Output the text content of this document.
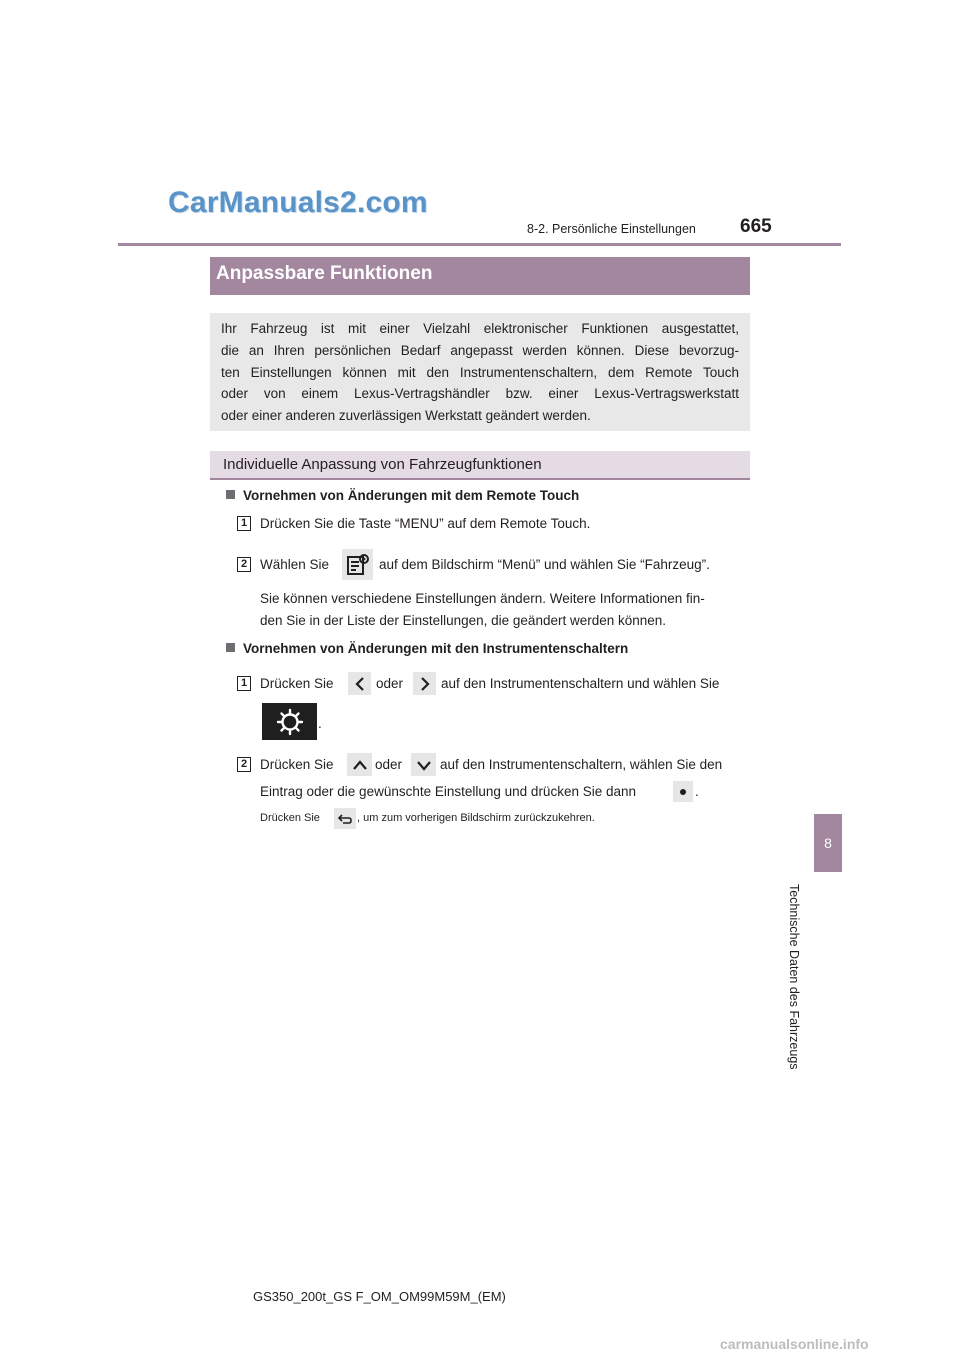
CarManuals2.com
8-2. Persönliche Einstellungen 665
8
Technische Daten des Fahrzeugs
Anpassbare Funktionen
Ihr Fahrzeug ist mit einer Vielzahl elektronischer Funktionen ausgestattet,
die an Ihren persönlichen Bedarf angepasst werden können. Diese bevorzug-
ten Einstellungen können mit den Instrumentenschaltern, dem Remote Touch
oder von einem Lexus-Vertragshändler bzw. einer Lexus-Vertragswerkstatt
oder einer anderen zuverlässigen Werkstatt geändert werden.
Individuelle Anpassung von Fahrzeugfunktionen
Vornehmen von Änderungen mit dem Remote Touch
1 Drücken Sie die Taste “MENU” auf dem Remote Touch.
2 Wählen Sie	auf dem Bildschirm “Menü” und wählen Sie “Fahrzeug”.
Sie können verschiedene Einstellungen ändern. Weitere Informationen fin-
den Sie in der Liste der Einstellungen, die geändert werden können.
Vornehmen von Änderungen mit den Instrumentenschaltern
1 Drücken Sie	oder	auf den Instrumentenschaltern und wählen Sie
.
2 Drücken Sie	oder	auf den Instrumentenschaltern, wählen Sie den
Eintrag oder die gewünschte Einstellung und drücken Sie dann	.
Drücken Sie	, um zum vorherigen Bildschirm zurückzukehren.
GS350_200t_GS F_OM_OM99M59M_(EM)
carmanualsonline.info
